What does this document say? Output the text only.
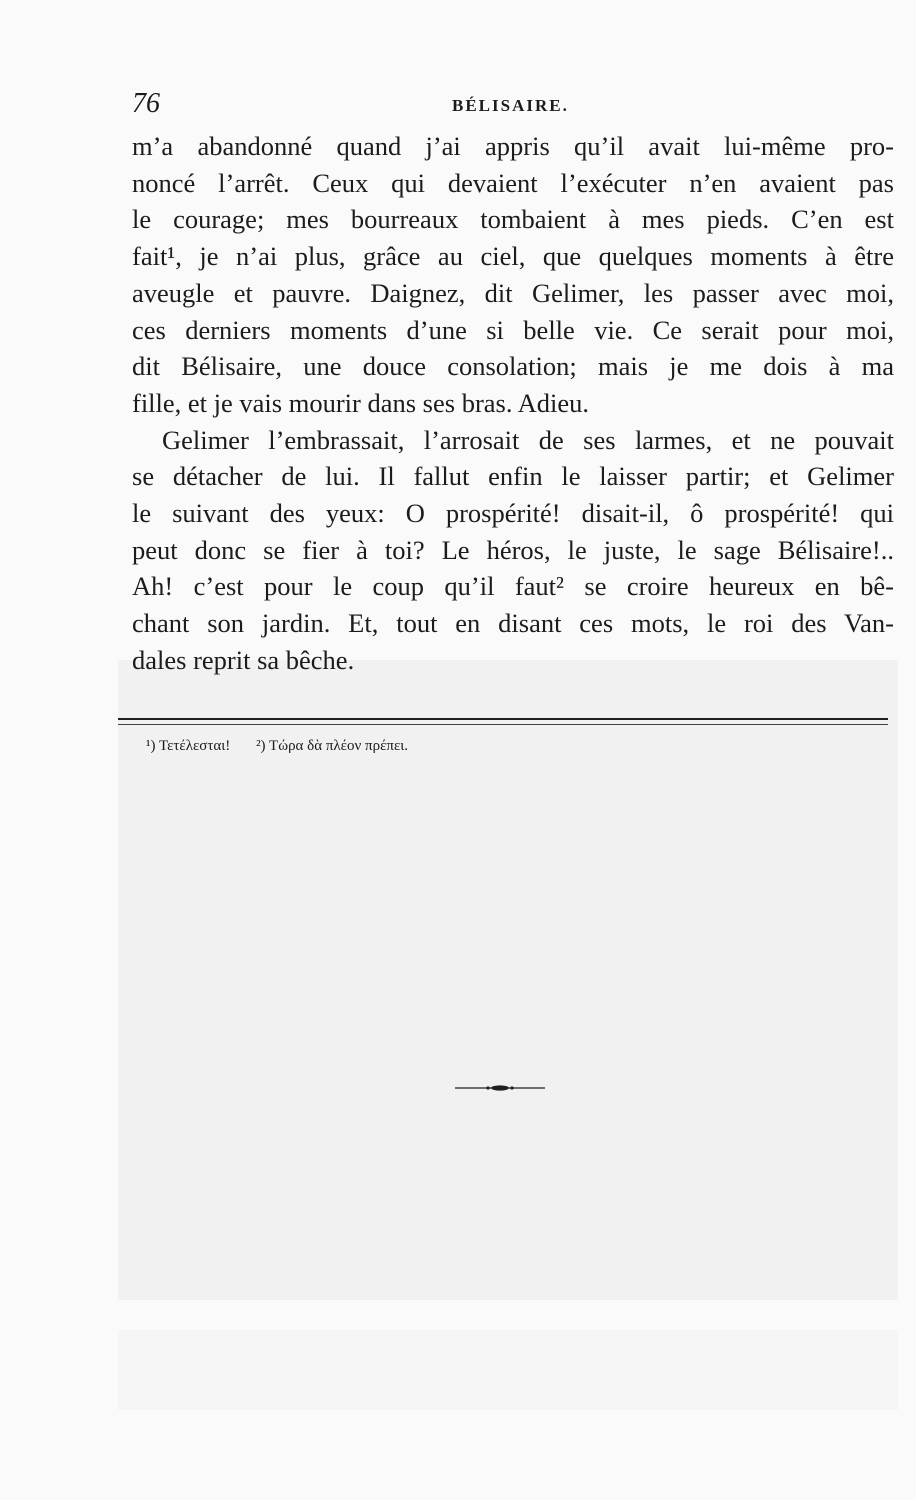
76	BÉLISAIRE.
m’a abandonné quand j’ai appris qu’il avait lui-même pro-
noncé l’arrêt. Ceux qui devaient l’exécuter n’en avaient pas
le courage; mes bourreaux tombaient à mes pieds. C’en est
fait¹, je n’ai plus, grâce au ciel, que quelques moments à être
aveugle et pauvre. Daignez, dit Gelimer, les passer avec moi,
ces derniers moments d’une si belle vie. Ce serait pour moi,
dit Bélisaire, une douce consolation; mais je me dois à ma
fille, et je vais mourir dans ses bras. Adieu.
Gelimer l’embrassait, l’arrosait de ses larmes, et ne pouvait
se détacher de lui. Il fallut enfin le laisser partir; et Gelimer
le suivant des yeux: O prospérité! disait-il, ô prospérité! qui
peut donc se fier à toi? Le héros, le juste, le sage Bélisaire!..
Ah! c’est pour le coup qu’il faut² se croire heureux en bê-
chant son jardin. Et, tout en disant ces mots, le roi des Van-
dales reprit sa bêche.
¹) Τετέλεσται! ²) Τώρα δὰ πλέον πρέπει.
